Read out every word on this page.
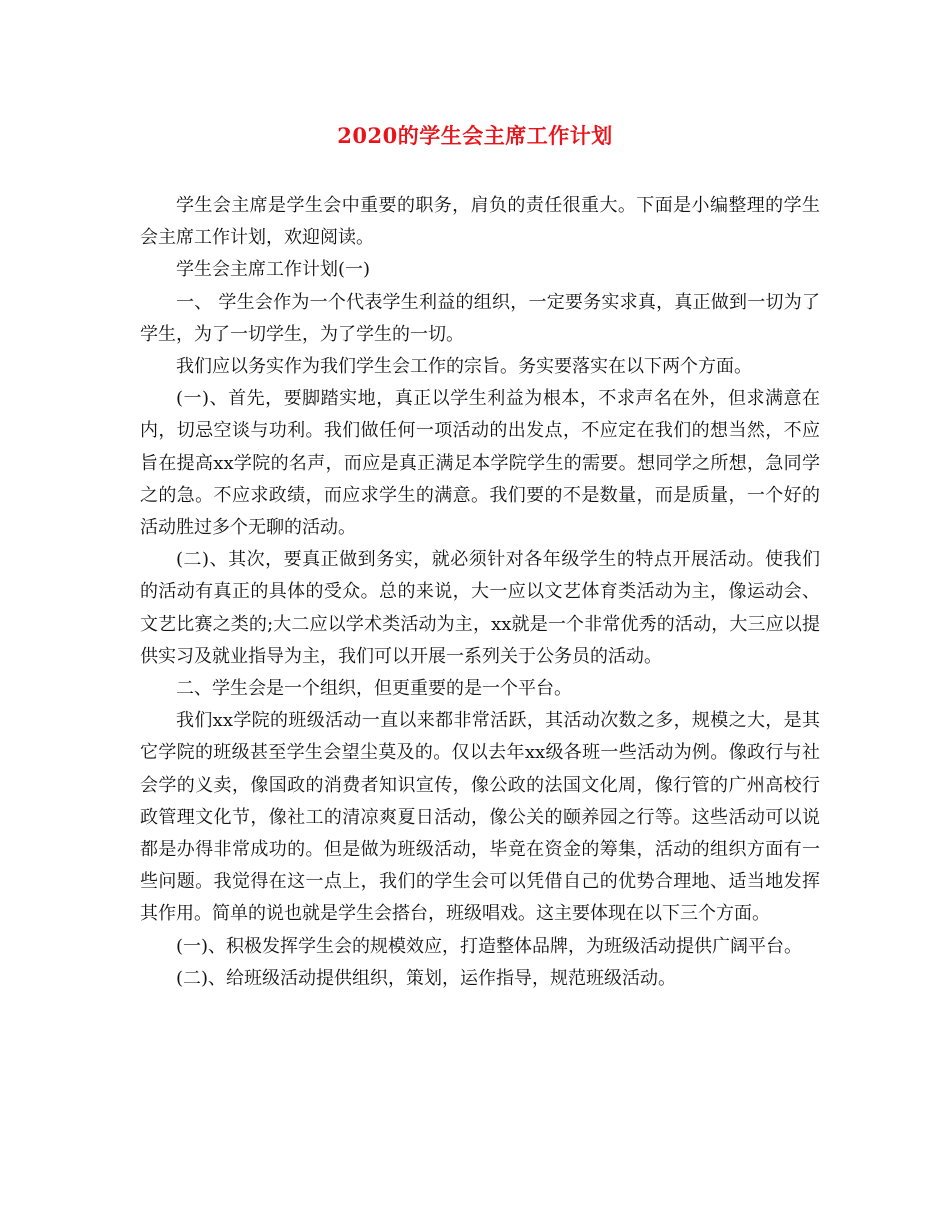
2020的学生会主席工作计划

学生会主席是学生会中重要的职务，肩负的责任很重大。下面是小编整理的学生会主席工作计划，欢迎阅读。

学生会主席工作计划(一)

一、 学生会作为一个代表学生利益的组织，一定要务实求真，真正做到一切为了学生，为了一切学生，为了学生的一切。

我们应以务实作为我们学生会工作的宗旨。务实要落实在以下两个方面。

(一)、首先，要脚踏实地，真正以学生利益为根本，不求声名在外，但求满意在内，切忌空谈与功利。我们做任何一项活动的出发点，不应定在我们的想当然，不应旨在提高xx学院的名声，而应是真正满足本学院学生的需要。想同学之所想，急同学之的急。不应求政绩，而应求学生的满意。我们要的不是数量，而是质量，一个好的活动胜过多个无聊的活动。

(二)、其次，要真正做到务实，就必须针对各年级学生的特点开展活动。使我们的活动有真正的具体的受众。总的来说，大一应以文艺体育类活动为主，像运动会、文艺比赛之类的;大二应以学术类活动为主，xx就是一个非常优秀的活动，大三应以提供实习及就业指导为主，我们可以开展一系列关于公务员的活动。

二、学生会是一个组织，但更重要的是一个平台。

我们xx学院的班级活动一直以来都非常活跃，其活动次数之多，规模之大，是其它学院的班级甚至学生会望尘莫及的。仅以去年xx级各班一些活动为例。像政行与社会学的义卖，像国政的消费者知识宣传，像公政的法国文化周，像行管的广州高校行政管理文化节，像社工的清凉爽夏日活动，像公关的颐养园之行等。这些活动可以说都是办得非常成功的。但是做为班级活动，毕竟在资金的筹集，活动的组织方面有一些问题。我觉得在这一点上，我们的学生会可以凭借自己的优势合理地、适当地发挥其作用。简单的说也就是学生会搭台，班级唱戏。这主要体现在以下三个方面。

(一)、积极发挥学生会的规模效应，打造整体品牌，为班级活动提供广阔平台。

(二)、给班级活动提供组织，策划，运作指导，规范班级活动。
